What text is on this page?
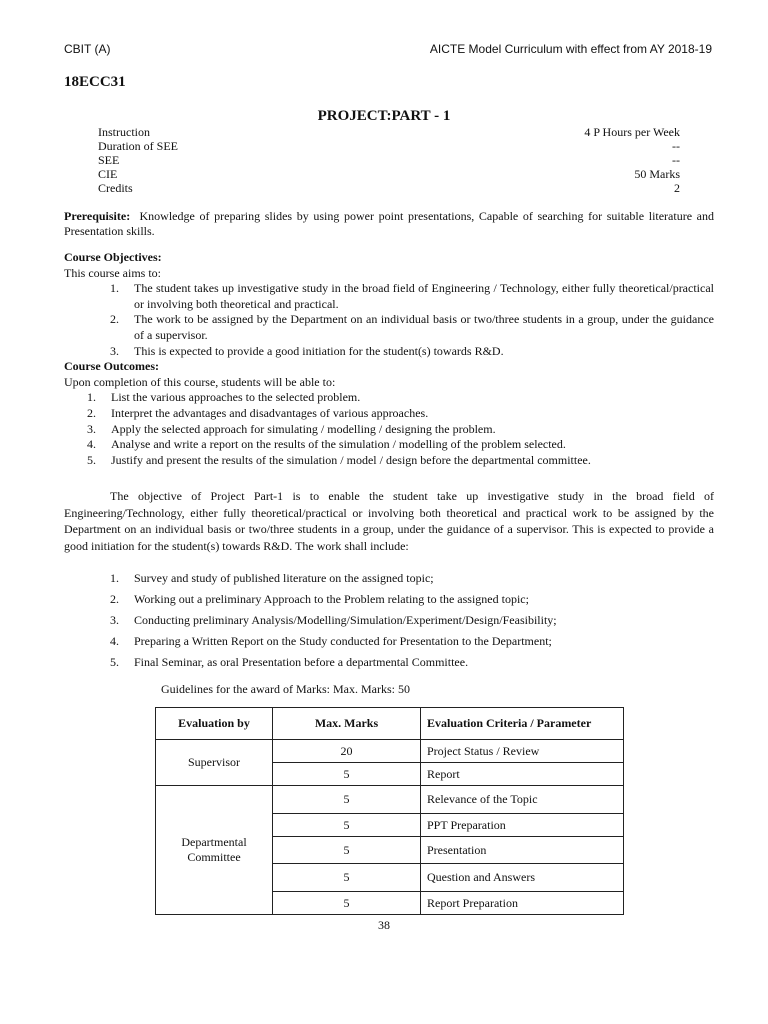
CBIT (A)	AICTE Model Curriculum with effect from AY 2018-19
18ECC31
PROJECT:PART - 1
Instruction	4 P Hours per Week
Duration of SEE	--
SEE	--
CIE	50 Marks
Credits	2
Prerequisite: Knowledge of preparing slides by using power point presentations, Capable of searching for suitable literature and Presentation skills.
Course Objectives:
This course aims to:
1.	The student takes up investigative study in the broad field of Engineering / Technology, either fully theoretical/practical or involving both theoretical and practical.
2.	The work to be assigned by the Department on an individual basis or two/three students in a group, under the guidance of a supervisor.
3.	This is expected to provide a good initiation for the student(s) towards R&D.
Course Outcomes:
Upon completion of this course, students will be able to:
1.	List the various approaches to the selected problem.
2.	Interpret the advantages and disadvantages of various approaches.
3.	Apply the selected approach for simulating / modelling / designing the problem.
4.	Analyse and write a report on the results of the simulation / modelling of the problem selected.
5.	Justify and present the results of the simulation / model / design before the departmental committee.
The objective of Project Part-1 is to enable the student take up investigative study in the broad field of Engineering/Technology, either fully theoretical/practical or involving both theoretical and practical work to be assigned by the Department on an individual basis or two/three students in a group, under the guidance of a supervisor. This is expected to provide a good initiation for the student(s) towards R&D. The work shall include:
1.	Survey and study of published literature on the assigned topic;
2.	Working out a preliminary Approach to the Problem relating to the assigned topic;
3.	Conducting preliminary Analysis/Modelling/Simulation/Experiment/Design/Feasibility;
4.	Preparing a Written Report on the Study conducted for Presentation to the Department;
5.	Final Seminar, as oral Presentation before a departmental Committee.
Guidelines for the award of Marks: Max. Marks: 50
Evaluation by	Max. Marks	Evaluation Criteria / Parameter
Supervisor	20	Project Status / Review
	5	Report
Departmental Committee	5	Relevance of the Topic
	5	PPT Preparation
	5	Presentation
	5	Question and Answers
	5	Report Preparation
38
